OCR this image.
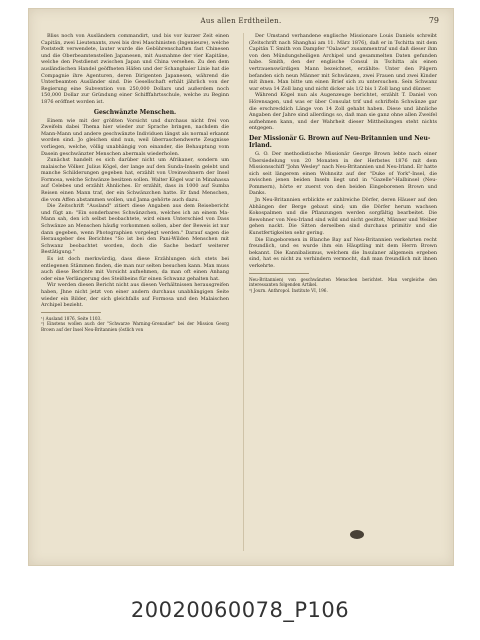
Aus allen Erdtheilen.	79

Bliss noch von Ausländern commandirt, und bis vor kurzer Zeit einen Capitän, zwei Lieutenants, zwei bis drei Maschinisten (Ingenieure), welche Poststedt verwendete, lauter wurde die Gebührenschaften fast Chinesen und die Oberbeamtenstellen Japanesen, mit Ausnahme der vier Kapitäne, welche den Postdienst zwischen Japan und China versehen. Zu den dem ausländischen Handel geöffneten Häfen und der Schanghaier Linie hat die Compagnie ihre Agenturen, deren Dirigenten Japanesen, während die Unterbeamten Ausländer sind. Die Gesellschaft erhält jährlich von der Regierung eine Subvention von 250,000 Dollars und außerdem noch 150,000 Dollar zur Gründung einer Schifffahrtsschule, welche zu Beginn 1876 eröffnet worden ist.

Geschwänzte Menschen.

Einem wie mit der größten Vorsicht und durchaus nicht frei von Zweifeln dabei Thema hier wieder zur Sprache bringen, nachdem die Mann-Mann und andere geschwänzte Individuen längst als normal erkannt worden sind. Jo gleichen sind nun, weil überraschendwerte Zeugnisse vorliegen, welche, völlig unabhängig von einander, die Behauptung vom Dasein geschwänzter Menschen abermals wiederholen.

Zunächst handelt es sich darüber nicht um Afrikaner, sondern um malaische Völker. Julius Kögel, der lange auf den Sunda-Inseln gelebt und manche Schilderungen gegeben hat, erzählt von Ureinwohnern der Insel Formosa, welche Schwänze besitzen sollen. Walter Kögel war in Minahassa auf Celebes und erzählt Ähnliches. Er erzählt, dass in 1000 auf Sumba Reisen einen Mann traf, der ein Schwänzchen hatte. Er fand Menschen, die vom Affen abstammen wollen, und Jama gehörte auch dazu.

Die Zeitschrift "Ausland" zitiert diese Angaben aus dem Reisebericht und fügt an: "Ein sonderbares Schwänzchen, welches ich an einem Ma-Mann sah, den ich selbst beobachtete, wird einen Unterschied von Dass Schwänze an Menschen häufig vorkommen sollen, aber der Beweis ist nur dann gegeben, wenn Photographien vorgelegt werden." Darauf sagen die Herausgeber des Berichtes "So ist bei den Pani-Wilden Menschen mit Schwanz beobachtet worden, doch die Sache bedarf weiterer Bestätigung."

Es ist doch merkwürdig, dass diese Erzählungen sich stets bei entlegenen Stämmen finden, die man nur selten besuchen kann. Man muss auch diese Berichte mit Vorsicht aufnehmen, da man oft einen Anhang oder eine Verlängerung des Steißbeins für einen Schwanz gehalten hat.

Wir werden diesen Bericht nicht aus diesen Verhältnissen herausgreifen haben, Jhne nicht jetzt von einer andern durchaus unabhängigen Seite wieder ein Bilder, der sich gleichfalls auf Formosa und den Malaischen Archipel bezieht.

¹) Ausland 1876, Seite 1103.

²) Einstens wollen auch der "Schwarze Warning-Grenadier" bei der Mission Georg Brown auf der Insel Neu-Britannien (östlich von

Der Umstand verhandene englische Missionare Louis Daniels schreibt (Zeitschrift nach Shanghai am 11. März 1876), daß er in Tschitta mit dem Capitän T. Smith von Dampfer "Oalaow" zusammentraf und daß dieser ihm von den Mündungsheiligen Archipel und gesammelten Daten gefunden habe. Smith, den der englische Consul in Tschitta als einen vertrauenswürdigen Mann bezeichnet, erzählte: Unter den Pilgern befanden sich neun Männer mit Schwänzen, zwei Frauen und zwei Kinder mit ihnen. Man bitte um einen Brief sich zu untersuchen. Sein Schwanz war etwa 14 Zoll lang und nicht dicker als 1/2 bis 1 Zoll lang und dünner.

Während Kögel nun als Augenzeuge berichtet, erzählt T. Daniel von Hörensagen, und was er über Consulat trif und schrifteln Schwänze gar die erschrecklich Länge von 14 Zoll gehabt haben. Diese und ähnliche Angaben der Jahre sind allerdings so, daß man sie ganz ohne allen Zweifel aufnehmen kann, und der Wahrheit dieser Mittheilungen steht nichts entgegen.

Der Missionär G. Brown auf Neu-Britannien und Neu-Irland.

G. O. Der methodistische Missionär George Brown lebte nach einer Übersiedelung von 20 Monaten in der Herbstes 1876 mit dem Missionsschiff "John Wesley" nach Neu-Britannien und Neu-Irland. Er hatte sich seit längerem einen Wohnsitz auf der "Duke of York"-Insel, die zwischen jenen beiden Inseln liegt und in "Gazelle"-Halbinsel (Neu-Pommern), hörte er zuerst von den beiden Eingeborenen Brown und Danks.

Jn Neu-Britannien erblickte er zahlreiche Dörfer, deren Häuser auf den Abhängen der Berge gebaut sind; um die Dörfer herum wachsen Kokospalmen und die Pflanzungen werden sorgfältig bearbeitet. Die Bewohner von Neu-Irland sind wild und nicht gesittet, Männer und Weiber gehen nackt. Die Sitten derselben sind durchaus primitiv und die Kunstfertigkeiten sehr gering.

Die Eingeborenen in Blanche Bay auf Neu-Britannien verkehrten recht freundlich, und es wurde ihm ein Häuptling mit dem Herrn Brown bekannt. Die Kannibalismus, welchem die Insulaner allgemein ergeben sind, hat es nicht zu verhindern vermocht, daß man freundlich mit ihnen verkehrte.

Neu-Britannien) von geschwänzten Menschen berichtet. Man vergleiche den interessanten folgenden Artikel.

³) Journ. Anthropol. Institute VI, 196.

20020060078_P106
